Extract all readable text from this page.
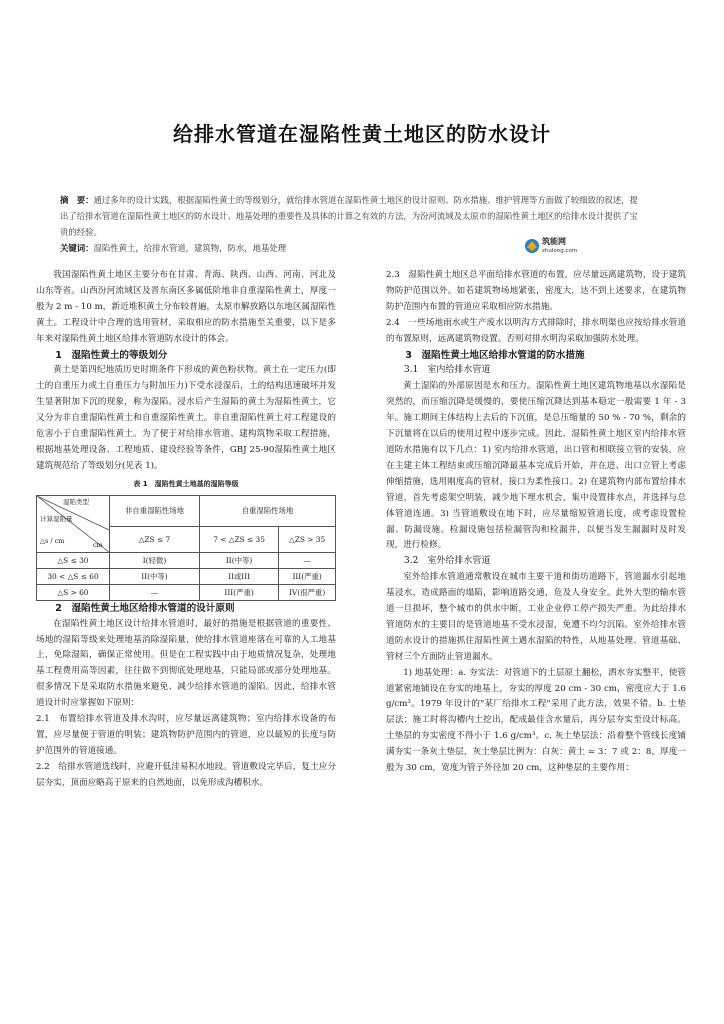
给排水管道在湿陷性黄土地区的防水设计
摘　要：通过多年的设计实践，根据湿陷性黄土的等级划分，就给排水管道在湿陷性黄土地区的设计原则、防水措施、维护管理等方面做了较细致的叙述，提出了给排水管道在湿陷性黄土地区的防水设计、地基处理的重要性及具体的计算之有效的方法，为汾河流域及太原市的湿陷性黄土地区的给排水设计提供了宝贵的经验。
关键词：湿陷性黄土，给排水管道，建筑物，防水，地基处理
筑能网
zhulong.com

我国湿陷性黄土地区主要分布在甘肃、青海、陕西、山西、河南、河北及山东等省。山西汾河流域区及晋东南区多属低阶地非自重湿陷性黄土，厚度一般为 2 m - 10 m，新近堆积黄土分布较普遍，太原市解放路以东地区属湿陷性黄土。工程设计中合理的选用管材，采取相应的防水措施至关重要，以下是多年来对湿陷性黄土地区给排水管道防水设计的体会。

1　湿陷性黄土的等级划分

黄土是第四纪地质历史时期条件下形成的黄色粉状物。黄土在一定压力(即土的自重压力或土自重压力与附加压力)下受水浸湿后，土的结构迅速破坏并发生显著附加下沉的现象，称为湿陷。浸水后产生湿陷的黄土为湿陷性黄土，它又分为非自重湿陷性黄土和自重湿陷性黄土。非自重湿陷性黄土对工程建设的危害小于自重湿陷性黄土。为了便于对给排水管道、建构筑物采取工程措施，根据地基处理设备、工程地质、建设经验等条件，GBJ 25-90湿陷性黄土地区建筑规范给了等级划分(见表 1)。

表 1　湿陷性黄土地基的湿陷等级
湿陷类型
计算湿陷量
△s / cm cm	非自重湿陷性场地	自重湿陷性场地	
	△ZS ≤ 7	7 < △ZS ≤ 35	△ZS > 35
△S ≤ 30	I(轻微)	II(中等)	—
30 < △S ≤ 60	II(中等)	II或III	III(严重)
△S > 60	—	III(严重)	IV(很严重)

2　湿陷性黄土地区给排水管道的设计原则

在湿陷性黄土地区设计给排水管道时，最好的措施是根据管道的重要性、场地的湿陷等级来处理地基消除湿陷量，使给排水管道座落在可靠的人工地基上，免除湿陷，确保正常使用。但是在工程实践中由于地质情况复杂，处理地基工程费用高等因素，往往做不到彻底处理地基，只能局部或部分处理地基。很多情况下是采取防水措施来避免、减少给排水管道的湿陷。因此，给排水管道设计时应掌握如下原则：

2.1　布置给排水管道及排水沟时，应尽量远离建筑物；室内给排水设备的布置，应尽量便于管道的明装；建筑物防护范围内的管道，应以最短的长度与防护范围外的管道接通。

2.2　给排水管道选线时，应避开低洼易积水地段。管道敷设完毕后，复土应分层夯实，顶面应略高于原来的自然地面，以免形成沟槽积水。

2.3　湿陷性黄土地区总平面给排水管道的布置，应尽量远离建筑物，设于建筑物防护范围以外。如若建筑物场地紧张，密度大，达不到上述要求，在建筑物防护范围内布置的管道应采取相应防水措施。

2.4　一些场地雨水或生产废水以明沟方式排除时，排水明渠也应按给排水管道的布置原则，远离建筑物设置。否则对排水明沟采取加强防水处理。

3　湿陷性黄土地区给排水管道的防水措施

3.1　室内给排水管道

黄土湿陷的外部原因是水和压力。湿陷性黄土地区建筑物地基以水湿陷是突然的，而压缩沉降是缓慢的，要使压缩沉降达到基本稳定一般需要 1 年 - 3 年。施工期间主体结构上去后的下沉值，是总压缩量的 50 % - 70 %，剩余的下沉量将在以后的使用过程中逐步完成。因此，湿陷性黄土地区室内给排水管道防水措施有以下几点：1) 室内给排水管道，出口管和相联接立管的安装，应在主建主体工程结束或压缩沉降最基本完成后开始，并在进、出口立管上考虑伸缩措施，选用刚度高的管材，接口为柔性接口。2) 在建筑物内部布置给排水管道，首先考虑架空明装，减少地下埋水机会，集中设置排水点，并选择与总体管道连通。3) 当管道敷设在地下时，应尽量缩短管道长度，或考虑设置检漏、防漏设施。检漏设施包括检漏管沟和检漏井，以便当发生漏漏时及时发现，进行检修。

3.2　室外给排水管道

室外给排水管道通常敷设在城市主要干道和街坊道路下，管道漏水引起地基浸水，造成路面的塌陷，影响道路交通，危及人身安全。此外大型的输水管道一旦损坏，整个城市的供水中断，工业企业停工停产损失严重。为此给排水管道防水的主要目的是管道地基不受水浸湿，免遭不均匀沉陷。室外给排水管道防水设计的措施抓住湿陷性黄土遇水湿陷的特性，从地基处理、管道基础、管材三个方面防止管道漏水。

1) 地基处理：a. 夯实法：对管道下的土层原土翻松，洒水夯实整平，使管道紧密地铺设在夯实的地基上，夯实的厚度 20 cm - 30 cm，密度应大于 1.6 g/cm³。1979 年设计的"某厂给排水工程"采用了此方法，效果不错。b. 土垫层法：施工时将沟槽内土挖出，配成最佳含水量后，再分层夯实至设计标高。土垫层的夯实密度不得小于 1.6 g/cm³。c. 灰土垫层法：沿着整个管线长度铺满夯实一条灰土垫层，灰土垫层比例为：白灰：黄土 = 3：7 或 2：8，厚度一般为 30 cm，宽度为管子外径加 20 cm，这种垫层的主要作用：
